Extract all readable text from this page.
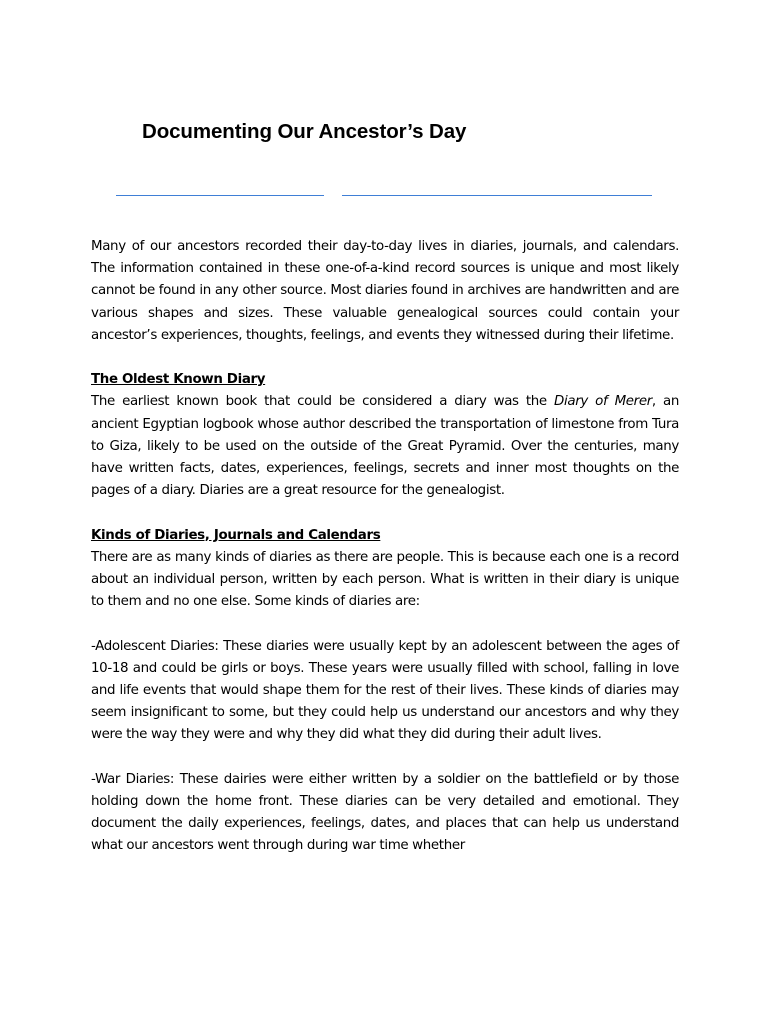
Documenting Our Ancestor’s Day

Many of our ancestors recorded their day-to-day lives in diaries, journals, and calendars. The information contained in these one-of-a-kind record sources is unique and most likely cannot be found in any other source. Most diaries found in archives are handwritten and are various shapes and sizes. These valuable genealogical sources could contain your ancestor’s experiences, thoughts, feelings, and events they witnessed during their lifetime.

The Oldest Known Diary

The earliest known book that could be considered a diary was the Diary of Merer, an ancient Egyptian logbook whose author described the transportation of limestone from Tura to Giza, likely to be used on the outside of the Great Pyramid. Over the centuries, many have written facts, dates, experiences, feelings, secrets and inner most thoughts on the pages of a diary. Diaries are a great resource for the genealogist.

Kinds of Diaries, Journals and Calendars

There are as many kinds of diaries as there are people. This is because each one is a record about an individual person, written by each person. What is written in their diary is unique to them and no one else. Some kinds of diaries are:

-Adolescent Diaries: These diaries were usually kept by an adolescent between the ages of 10-18 and could be girls or boys. These years were usually filled with school, falling in love and life events that would shape them for the rest of their lives. These kinds of diaries may seem insignificant to some, but they could help us understand our ancestors and why they were the way they were and why they did what they did during their adult lives.

-War Diaries: These dairies were either written by a soldier on the battlefield or by those holding down the home front. These diaries can be very detailed and emotional. They document the daily experiences, feelings, dates, and places that can help us understand what our ancestors went through during war time whether
